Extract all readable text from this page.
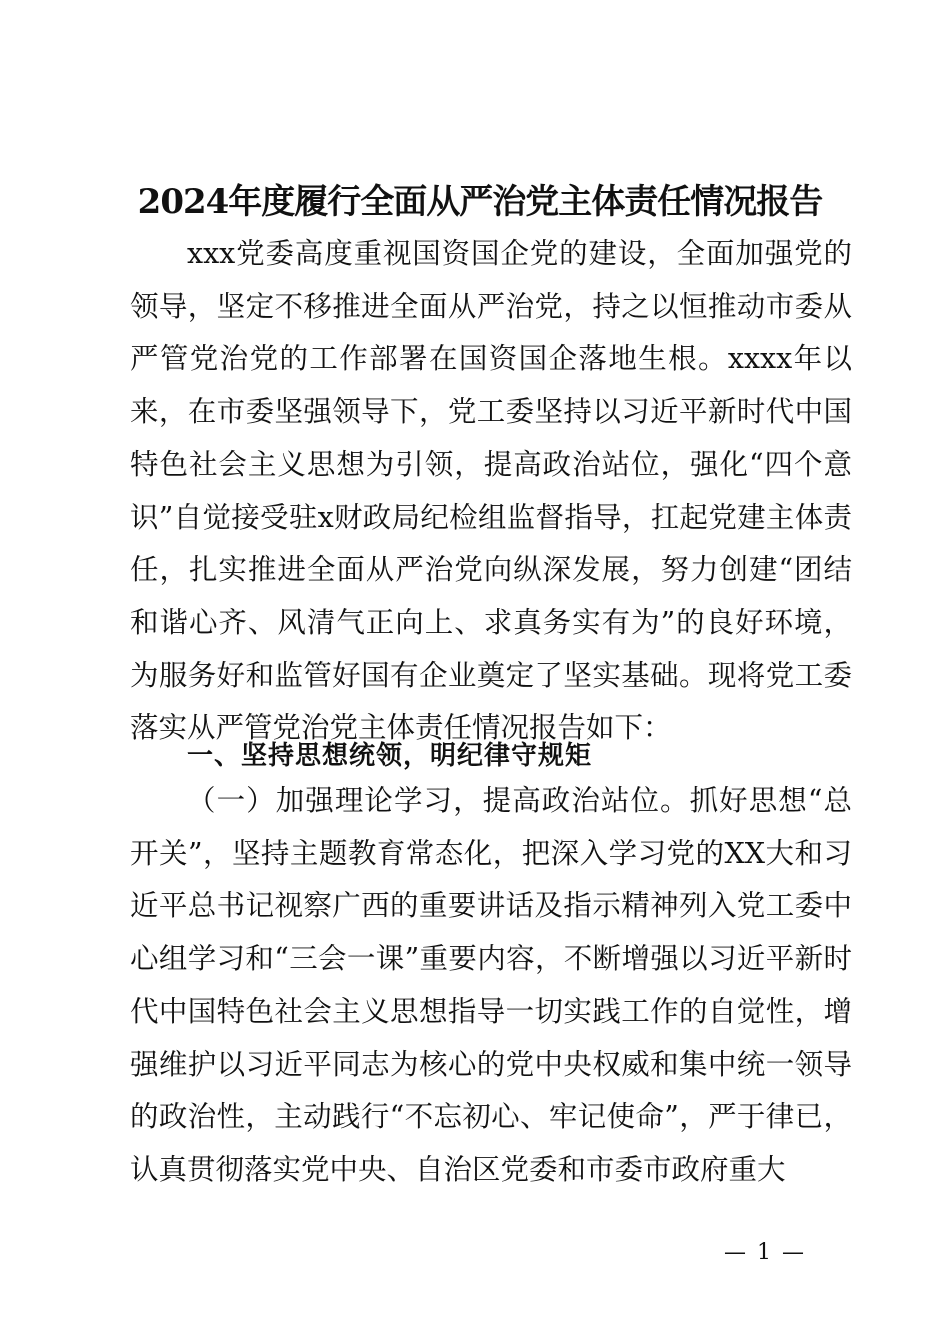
2024年度履行全面从严治党主体责任情况报告

xxx党委高度重视国资国企党的建设，全面加强党的领导，坚定不移推进全面从严治党，持之以恒推动市委从严管党治党的工作部署在国资国企落地生根。xxxx年以来，在市委坚强领导下，党工委坚持以习近平新时代中国特色社会主义思想为引领，提高政治站位，强化“四个意识”自觉接受驻x财政局纪检组监督指导，扛起党建主体责任，扎实推进全面从严治党向纵深发展，努力创建“团结和谐心齐、风清气正向上、求真务实有为”的良好环境，为服务好和监管好国有企业奠定了坚实基础。现将党工委落实从严管党治党主体责任情况报告如下：

一、坚持思想统领，明纪律守规矩

（一）加强理论学习，提高政治站位。抓好思想“总开关”，坚持主题教育常态化，把深入学习党的XX大和习近平总书记视察广西的重要讲话及指示精神列入党工委中心组学习和“三会一课”重要内容，不断增强以习近平新时代中国特色社会主义思想指导一切实践工作的自觉性，增强维护以习近平同志为核心的党中央权威和集中统一领导的政治性，主动践行“不忘初心、牢记使命”，严于律已，认真贯彻落实党中央、自治区党委和市委市政府重大

— 1 —
